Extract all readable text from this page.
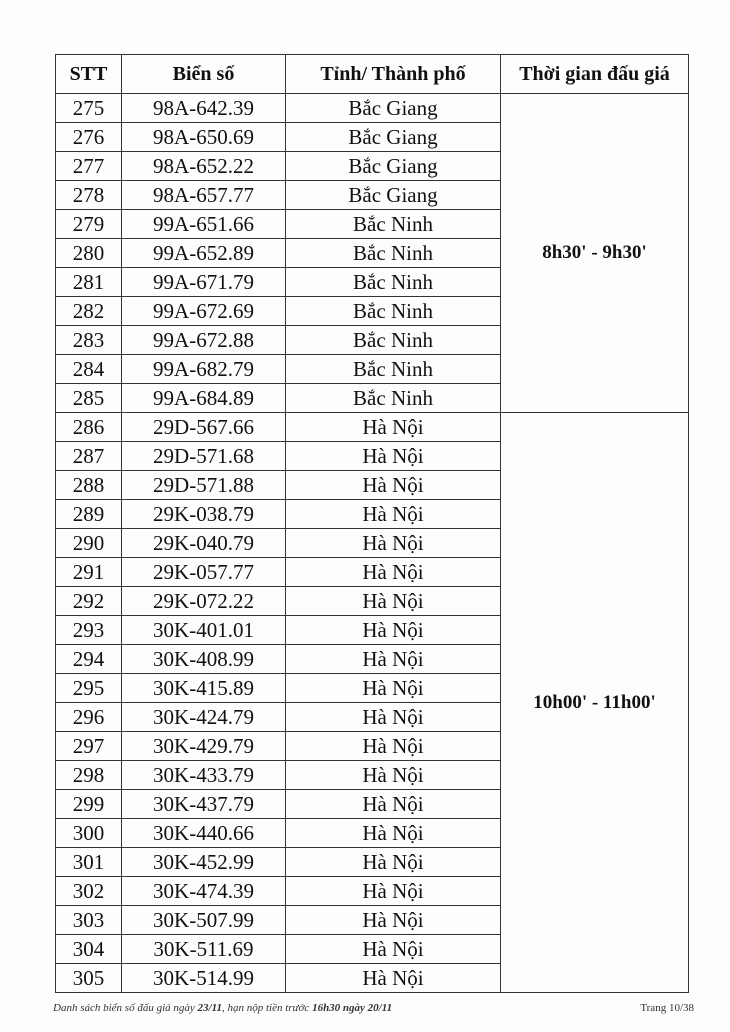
STT	Biển số	Tỉnh/ Thành phố	Thời gian đấu giá
275	98A-642.39	Bắc Giang	8h30' - 9h30'
276	98A-650.69	Bắc Giang	
277	98A-652.22	Bắc Giang	
278	98A-657.77	Bắc Giang	
279	99A-651.66	Bắc Ninh	
280	99A-652.89	Bắc Ninh	
281	99A-671.79	Bắc Ninh	
282	99A-672.69	Bắc Ninh	
283	99A-672.88	Bắc Ninh	
284	99A-682.79	Bắc Ninh	
285	99A-684.89	Bắc Ninh	
286	29D-567.66	Hà Nội	10h00' - 11h00'
287	29D-571.68	Hà Nội	
288	29D-571.88	Hà Nội	
289	29K-038.79	Hà Nội	
290	29K-040.79	Hà Nội	
291	29K-057.77	Hà Nội	
292	29K-072.22	Hà Nội	
293	30K-401.01	Hà Nội	
294	30K-408.99	Hà Nội	
295	30K-415.89	Hà Nội	
296	30K-424.79	Hà Nội	
297	30K-429.79	Hà Nội	
298	30K-433.79	Hà Nội	
299	30K-437.79	Hà Nội	
300	30K-440.66	Hà Nội	
301	30K-452.99	Hà Nội	
302	30K-474.39	Hà Nội	
303	30K-507.99	Hà Nội	
304	30K-511.69	Hà Nội	
305	30K-514.99	Hà Nội	
Danh sách biển số đấu giá ngày 23/11, hạn nộp tiền trước 16h30 ngày 20/11	Trang 10/38
